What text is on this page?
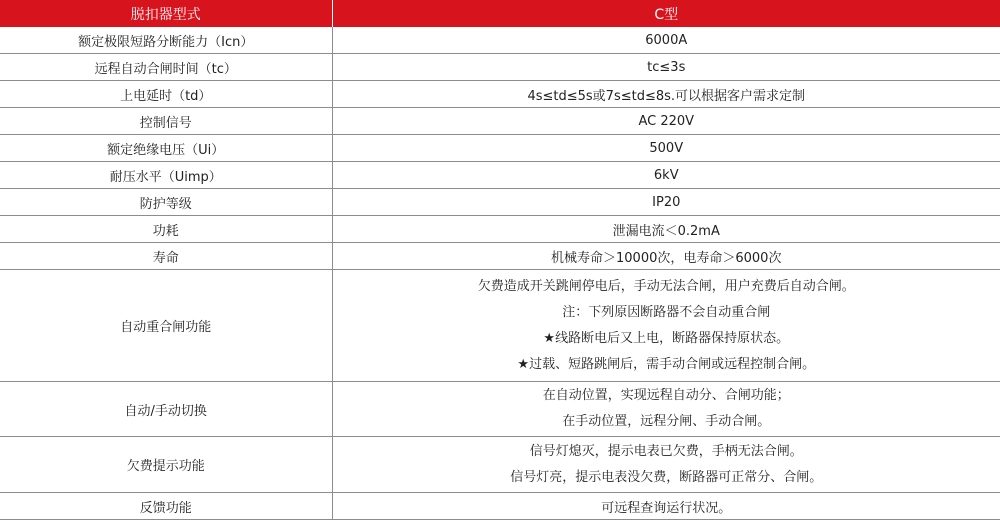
脱扣器型式	C型
额定极限短路分断能力（Icn）	6000A
远程自动合闸时间（tc）	tc≤3s
上电延时（td）	4s≤td≤5s或7s≤td≤8s.可以根据客户需求定制
控制信号	AC 220V
额定绝缘电压（Ui）	500V
耐压水平（Uimp）	6kV
防护等级	IP20
功耗	泄漏电流＜0.2mA
寿命	机械寿命＞10000次，电寿命＞6000次
自动重合闸功能	欠费造成开关跳闸停电后，手动无法合闸，用户充费后自动合闸。
注：下列原因断路器不会自动重合闸
★线路断电后又上电，断路器保持原状态。
★过载、短路跳闸后，需手动合闸或远程控制合闸。

自动/手动切换	在自动位置，实现远程自动分、合闸功能；
在手动位置，远程分闸、手动合闸。

欠费提示功能	信号灯熄灭，提示电表已欠费，手柄无法合闸。
信号灯亮，提示电表没欠费，断路器可正常分、合闸。

反馈功能	可远程查询运行状况。
